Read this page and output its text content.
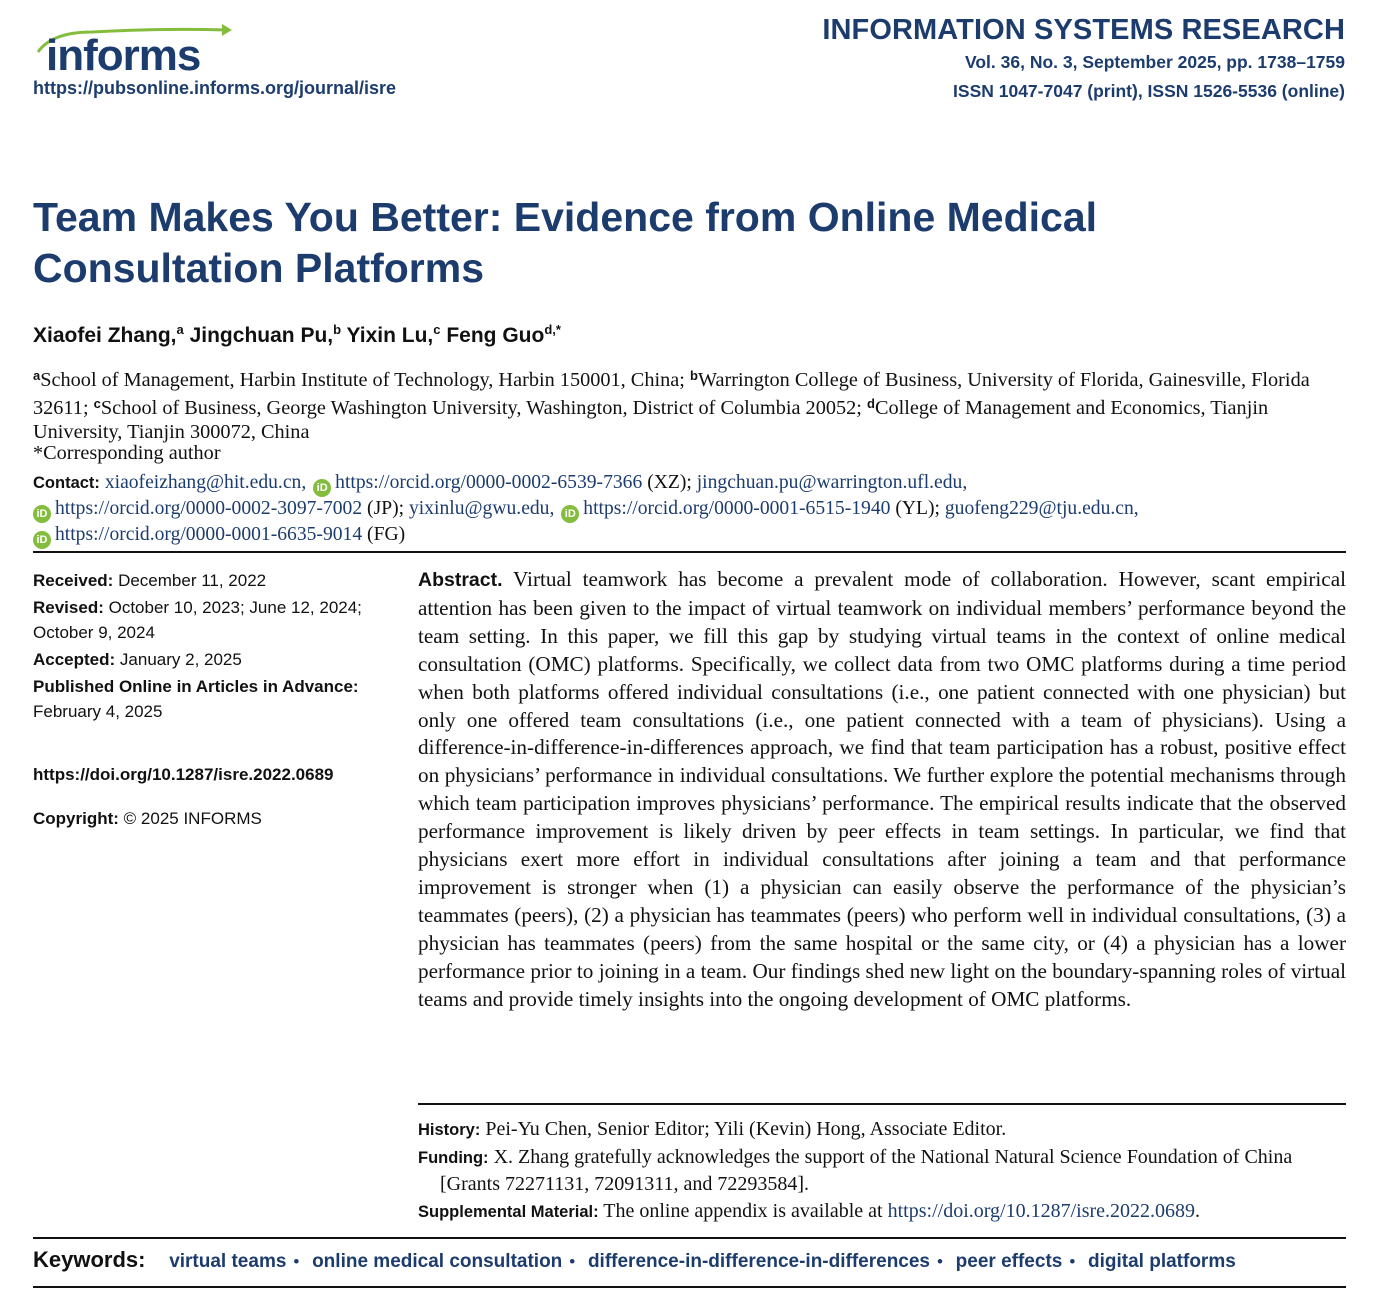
informs
https://pubsonline.informs.org/journal/isre
INFORMATION SYSTEMS RESEARCH
Vol. 36, No. 3, September 2025, pp. 1738–1759
ISSN 1047-7047 (print), ISSN 1526-5536 (online)
Team Makes You Better: Evidence from Online Medical
Consultation Platforms
Xiaofei Zhang,$^a$ Jingchuan Pu,$^b$ Yixin Lu,$^c$ Feng Guo$^{d,*}$
$^a$School of Management, Harbin Institute of Technology, Harbin 150001, China; $^b$Warrington College of Business, University of Florida, Gainesville, Florida 32611; $^c$School of Business, George Washington University, Washington, District of Columbia 20052; $^d$College of Management and Economics, Tianjin University, Tianjin 300072, China
*Corresponding author
Contact: xiaofeizhang@hit.edu.cn, iD https://orcid.org/0000-0002-6539-7366 (XZ); jingchuan.pu@warrington.ufl.edu,
iD https://orcid.org/0000-0002-3097-7002 (JP); yixinlu@gwu.edu, iD https://orcid.org/0000-0001-6515-1940 (YL); guofeng229@tju.edu.cn,
iD https://orcid.org/0000-0001-6635-9014 (FG)

Received: December 11, 2022

Revised: October 10, 2023; June 12, 2024; October 9, 2024

Accepted: January 2, 2025

Published Online in Articles in Advance:
February 4, 2025

https://doi.org/10.1287/isre.2022.0689

Copyright: © 2025 INFORMS

Abstract. Virtual teamwork has become a prevalent mode of collaboration. However, scant empirical attention has been given to the impact of virtual teamwork on individual members’ performance beyond the team setting. In this paper, we fill this gap by studying virtual teams in the context of online medical consultation (OMC) platforms. Specifically, we collect data from two OMC platforms during a time period when both platforms offered individual consultations (i.e., one patient connected with one physician) but only one offered team consultations (i.e., one patient connected with a team of physicians). Using a difference-in-difference-in-differences approach, we find that team participation has a robust, positive effect on physicians’ performance in individual consultations. We further explore the potential mechanisms through which team participation improves physicians’ performance. The empirical results indicate that the observed performance improvement is likely driven by peer effects in team settings. In particular, we find that physicians exert more effort in individual consultations after joining a team and that performance improvement is stronger when (1) a physician can easily observe the performance of the physician’s teammates (peers), (2) a physician has teammates (peers) who perform well in individual consultations, (3) a physician has teammates (peers) from the same hospital or the same city, or (4) a physician has a lower performance prior to joining in a team. Our findings shed new light on the boundary-spanning roles of virtual teams and provide timely insights into the ongoing development of OMC platforms.

History: Pei-Yu Chen, Senior Editor; Yili (Kevin) Hong, Associate Editor.

Funding: X. Zhang gratefully acknowledges the support of the National Natural Science Foundation of China [Grants 72271131, 72091311, and 72293584].

Supplemental Material: The online appendix is available at https://doi.org/10.1287/isre.2022.0689.

Keywords: virtual teams • online medical consultation • difference-in-difference-in-differences • peer effects • digital platforms
